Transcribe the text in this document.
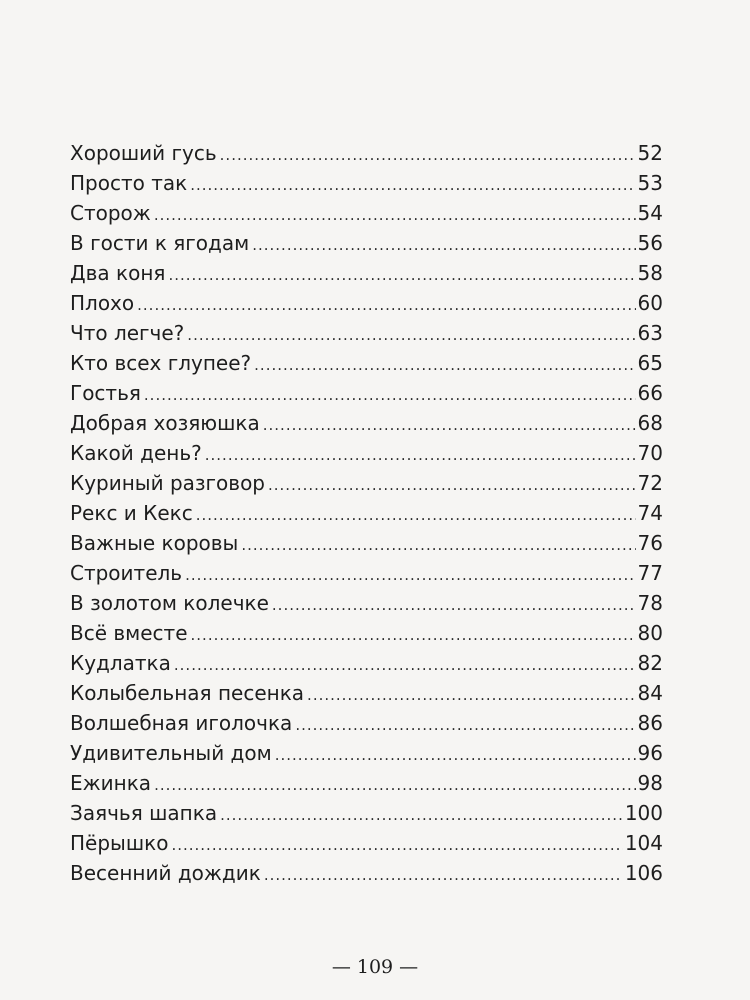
Хороший гусь .....	52
Просто так .....	53
Сторож .....	54
В гости к ягодам .....	56
Два коня .....	58
Плохо .....	60
Что легче? .....	63
Кто всех глупее? .....	65
Гостья .....	66
Добрая хозяюшка .....	68
Какой день? .....	70
Куриный разговор .....	72
Рекс и Кекс .....	74
Важные коровы .....	76
Строитель .....	77
В золотом колечке .....	78
Всё вместе .....	80
Кудлатка .....	82
Колыбельная песенка .....	84
Волшебная иголочка .....	86
Удивительный дом .....	96
Ежинка .....	98
Заячья шапка .....	100
Пёрышко .....	104
Весенний дождик .....	106
— 109 —
